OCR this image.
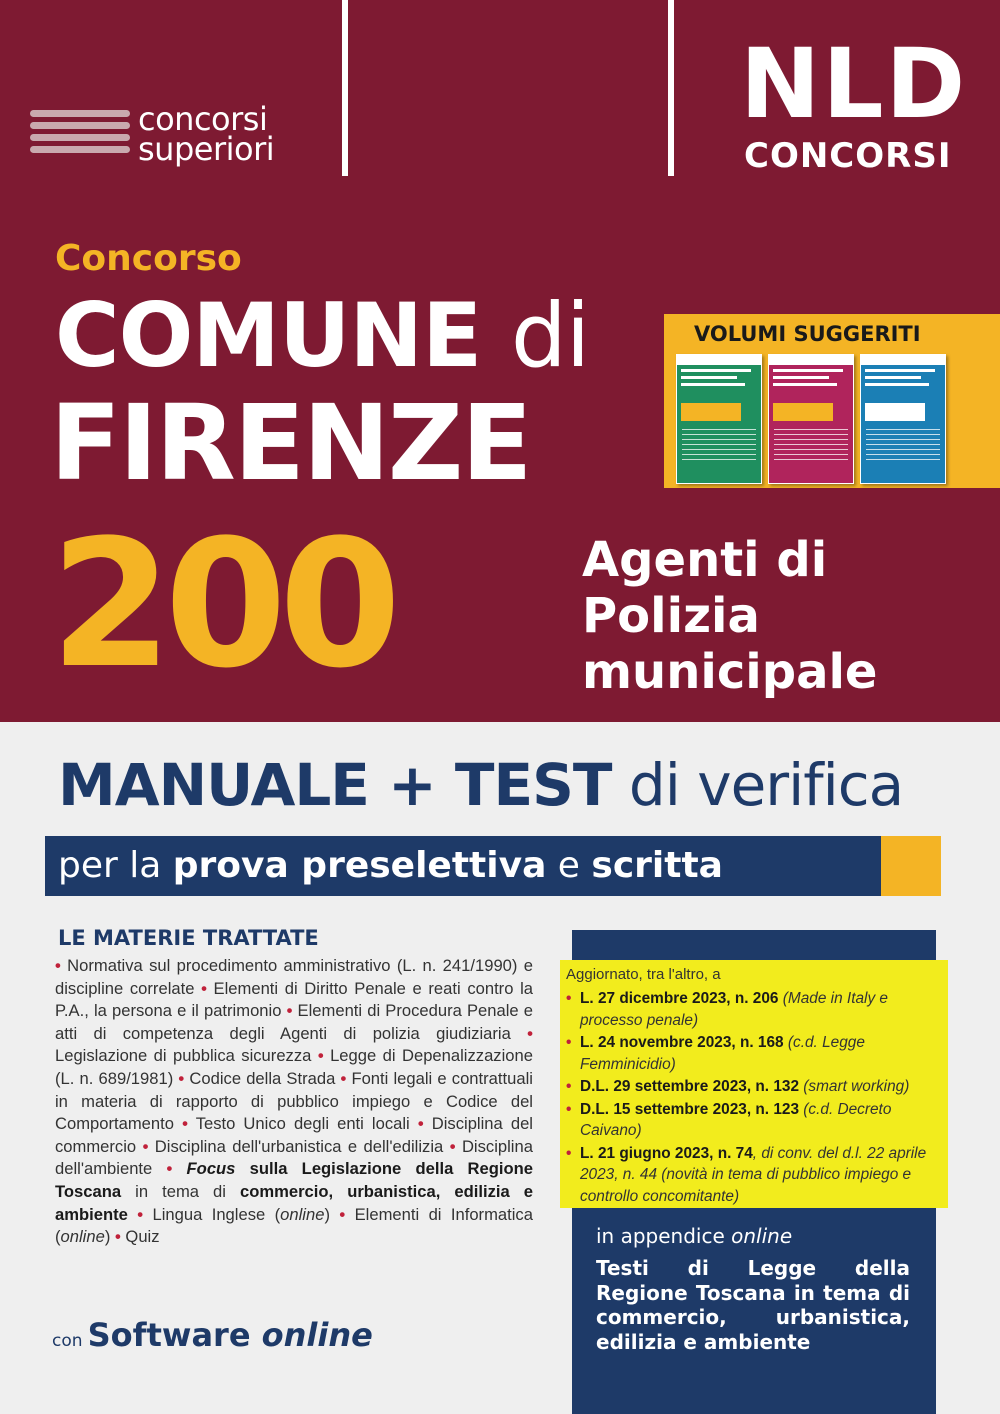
concorsi
superiori
NLD
CONCORSI
Concorso
COMUNE di
FIRENZE
200	Agenti di
Polizia
municipale
VOLUMI SUGGERITI
MANUALE + TEST di verifica
per la prova preselettiva e scritta
LE MATERIE TRATTATE
• Normativa sul procedimento amministrativo (L. n. 241/1990) e discipline correlate • Elementi di Diritto Penale e reati contro la P.A., la persona e il patrimonio • Elementi di Procedura Penale e atti di competenza degli Agenti di polizia giudiziaria • Legislazione di pubblica sicurezza • Legge di Depenalizzazione (L. n. 689/1981) • Codice della Strada • Fonti legali e contrattuali in materia di rapporto di pubblico impiego e Codice del Comportamento • Testo Unico degli enti locali • Disciplina del commercio • Disciplina dell'urbanistica e dell'edilizia • Disciplina dell'ambiente • Focus sulla Legislazione della Regione Toscana in tema di commercio, urbanistica, edilizia e ambiente • Lingua Inglese (online) • Elementi di Informatica (online) • Quiz
con Software online
Aggiornato, tra l'altro, a
• L. 27 dicembre 2023, n. 206 (Made in Italy e processo penale)
• L. 24 novembre 2023, n. 168 (c.d. Legge Femminicidio)
• D.L. 29 settembre 2023, n. 132 (smart working)
• D.L. 15 settembre 2023, n. 123 (c.d. Decreto Caivano)
• L. 21 giugno 2023, n. 74, di conv. del d.l. 22 aprile 2023, n. 44 (novità in tema di pubblico impiego e controllo concomitante)
in appendice online
Testi di Legge della Regione Toscana in tema di commercio, urbanistica, edilizia e ambiente
